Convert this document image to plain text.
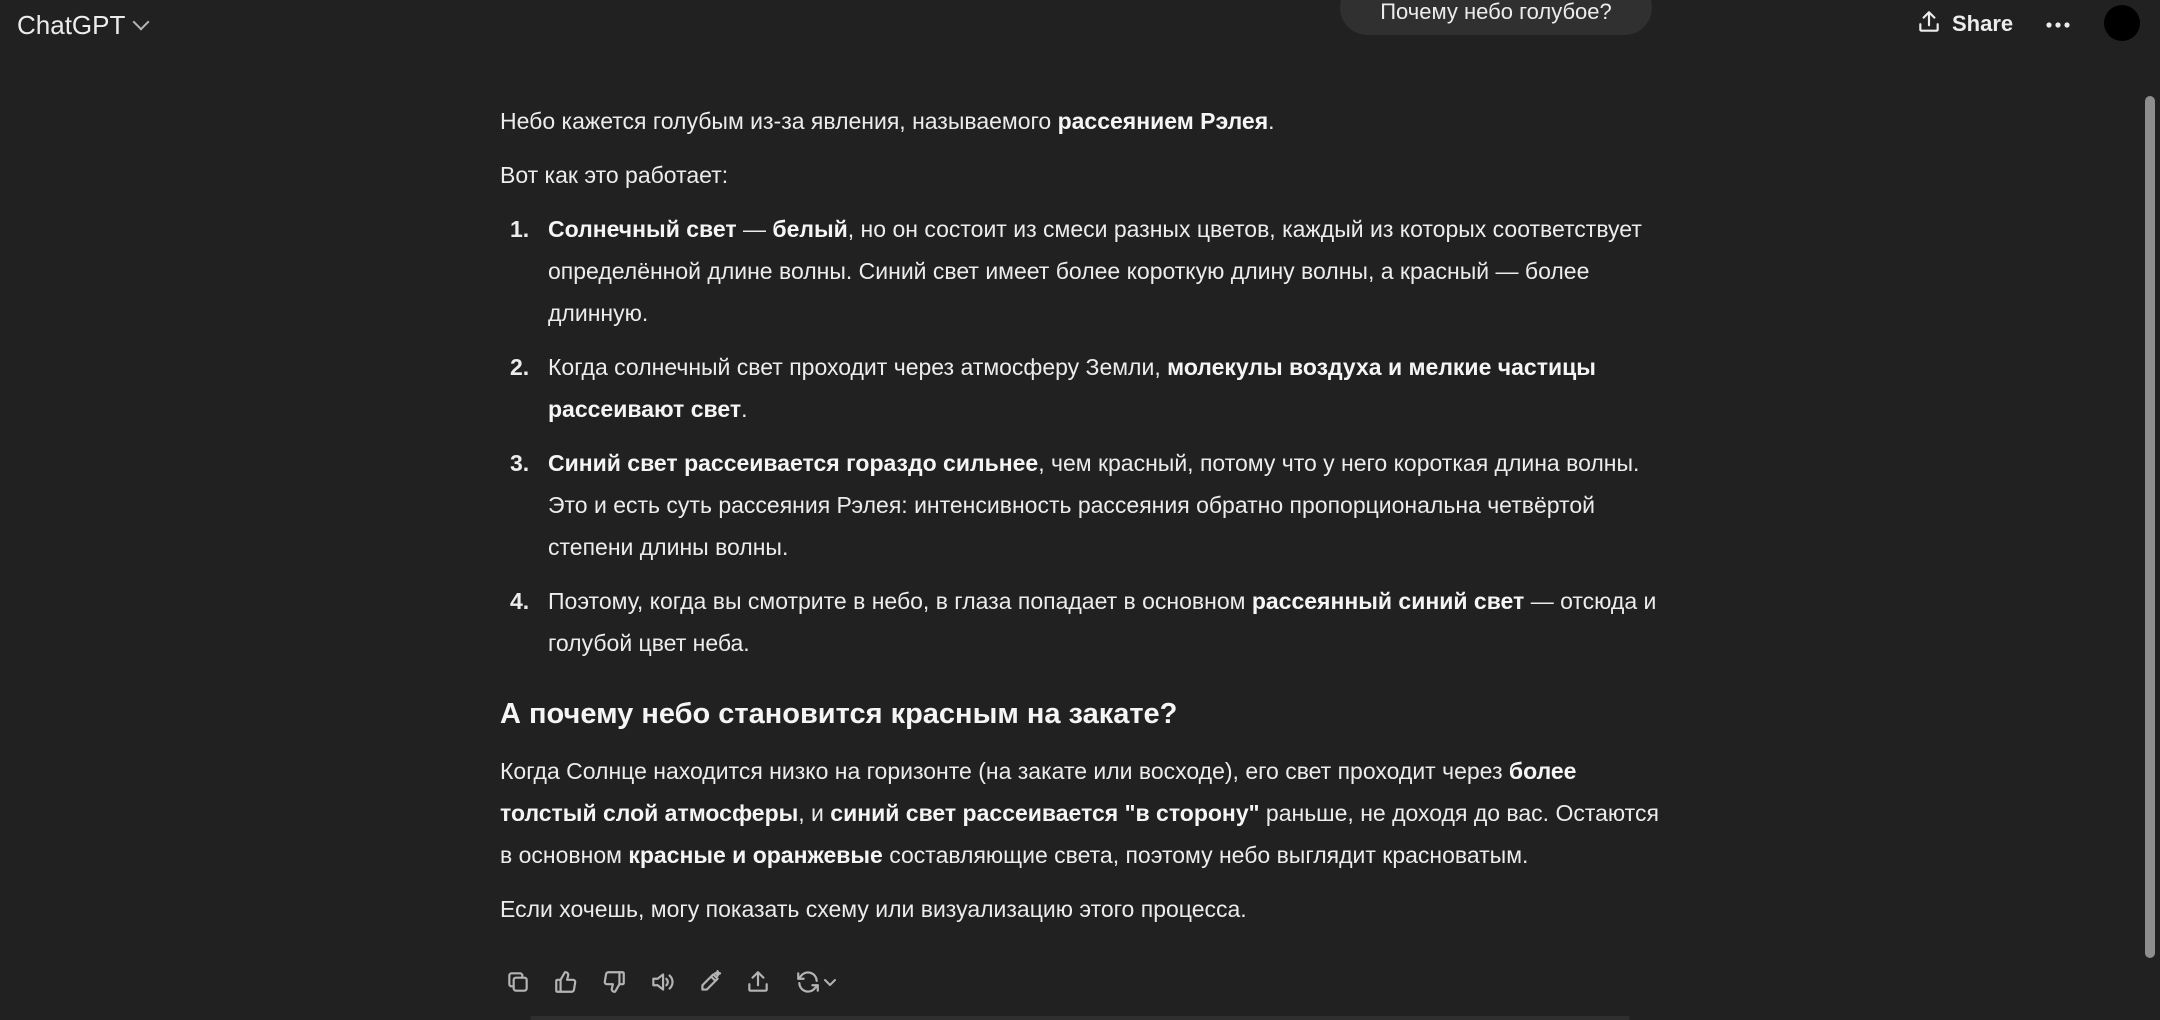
ChatGPT	Почему небо голубое?	Share

Небо кажется голубым из-за явления, называемого рассеянием Рэлея.

Вот как это работает:

1. Солнечный свет — белый, но он состоит из смеси разных цветов, каждый из которых соответствует определённой длине волны. Синий свет имеет более короткую длину волны, а красный — более длинную.
2. Когда солнечный свет проходит через атмосферу Земли, молекулы воздуха и мелкие частицы рассеивают свет.
3. Синий свет рассеивается гораздо сильнее, чем красный, потому что у него короткая длина волны. Это и есть суть рассеяния Рэлея: интенсивность рассеяния обратно пропорциональна четвёртой степени длины волны.
4. Поэтому, когда вы смотрите в небо, в глаза попадает в основном рассеянный синий свет — отсюда и голубой цвет неба.
А почему небо становится красным на закате?

Когда Солнце находится низко на горизонте (на закате или восходе), его свет проходит через более толстый слой атмосферы, и синий свет рассеивается "в сторону" раньше, не доходя до вас. Остаются в основном красные и оранжевые составляющие света, поэтому небо выглядит красноватым.

Если хочешь, могу показать схему или визуализацию этого процесса.
